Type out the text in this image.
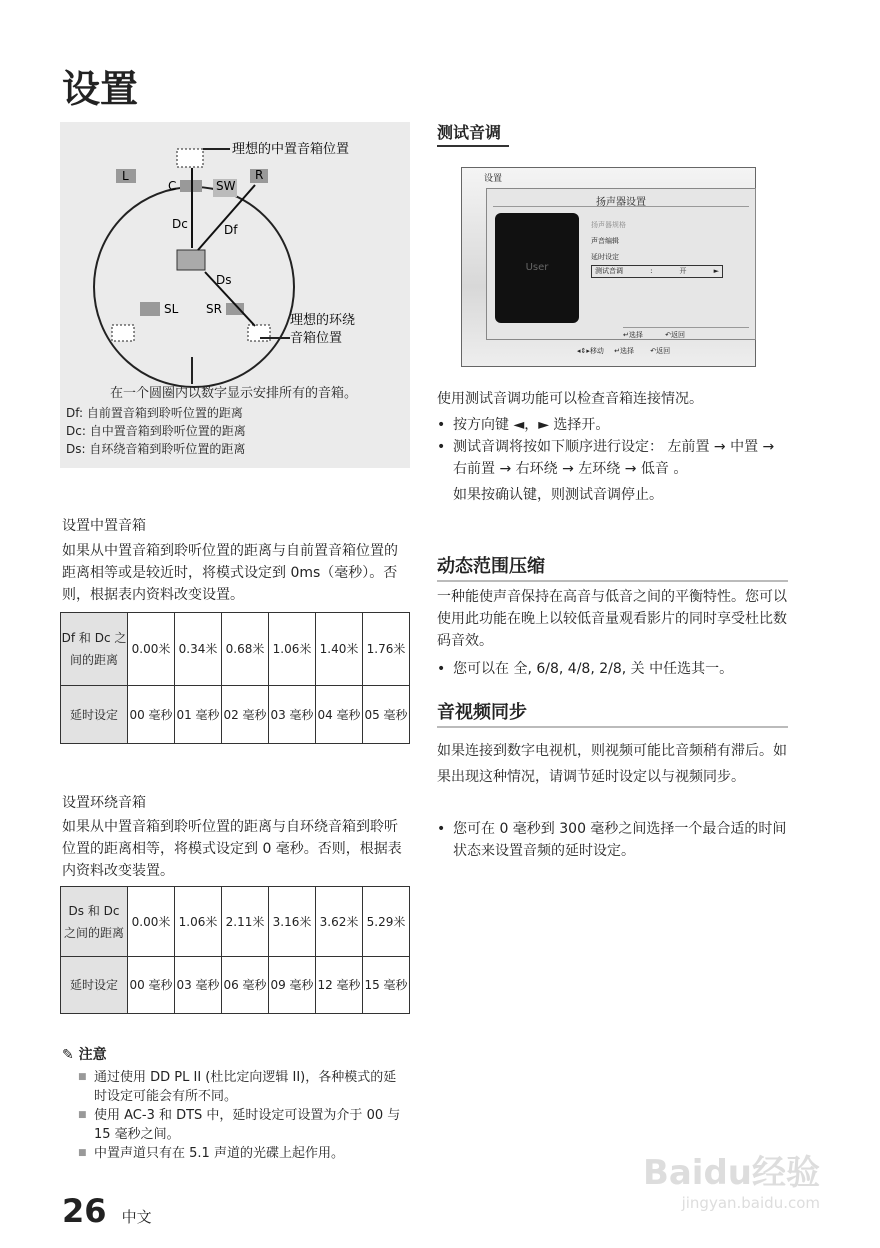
设置
L
C	SW
R
SL SR
Dc	Df
Ds
理想的中置音箱位置
理想的环绕
音箱位置
在一个圆圈内以数字显示安排所有的音箱。
Df: 自前置音箱到聆听位置的距离
Dc: 自中置音箱到聆听位置的距离
Ds: 自环绕音箱到聆听位置的距离
设置中置音箱
如果从中置音箱到聆听位置的距离与自前置音箱位置的距离相等或是较近时，将模式设定到 0ms（毫秒）。否则，根据表内资料改变设置。
Df 和 Dc 之间的距离	0.00米	0.34米	0.68米	1.06米	1.40米	1.76米
延时设定	00 毫秒	01 毫秒	02 毫秒	03 毫秒	04 毫秒	05 毫秒
设置环绕音箱
如果从中置音箱到聆听位置的距离与自环绕音箱到聆听位置的距离相等，将模式设定到 0 毫秒。否则，根据表内资料改变装置。
Ds 和 Dc 之间的距离	0.00米	1.06米	2.11米	3.16米	3.62米	5.29米
延时设定	00 毫秒	03 毫秒	06 毫秒	09 毫秒	12 毫秒	15 毫秒
✎ 注意
■ 通过使用 DD PL II (杜比定向逻辑 II)，各种模式的延时设定可能会有所不同。
■ 使用 AC-3 和 DTS 中，延时设定可设置为介于 00 与 15 毫秒之间。
■ 中置声道只有在 5.1 声道的光碟上起作用。
26 中文
测试音调
设置
扬声器设置
User
扬声器规格
声音编辑
延时设定
测试音调	:	开	►
↵选择	↶返回
◂⇕▸移动 ↵选择 ↶返回
使用测试音调功能可以检查音箱连接情况。
• 按方向键 ◄，► 选择开。
• 测试音调将按如下顺序进行设定： 左前置 → 中置 → 右前置 → 右环绕 → 左环绕 → 低音 。
如果按确认键，则测试音调停止。
动态范围压缩
一种能使声音保持在高音与低音之间的平衡特性。您可以使用此功能在晚上以较低音量观看影片的同时享受杜比数码音效。
• 您可以在 全, 6/8, 4/8, 2/8, 关 中任选其一。
音视频同步
如果连接到数字电视机，则视频可能比音频稍有滞后。如果出现这种情况，请调节延时设定以与视频同步。
• 您可在 0 毫秒到 300 毫秒之间选择一个最合适的时间状态来设置音频的延时设定。
Baidu经验
jingyan.baidu.com
